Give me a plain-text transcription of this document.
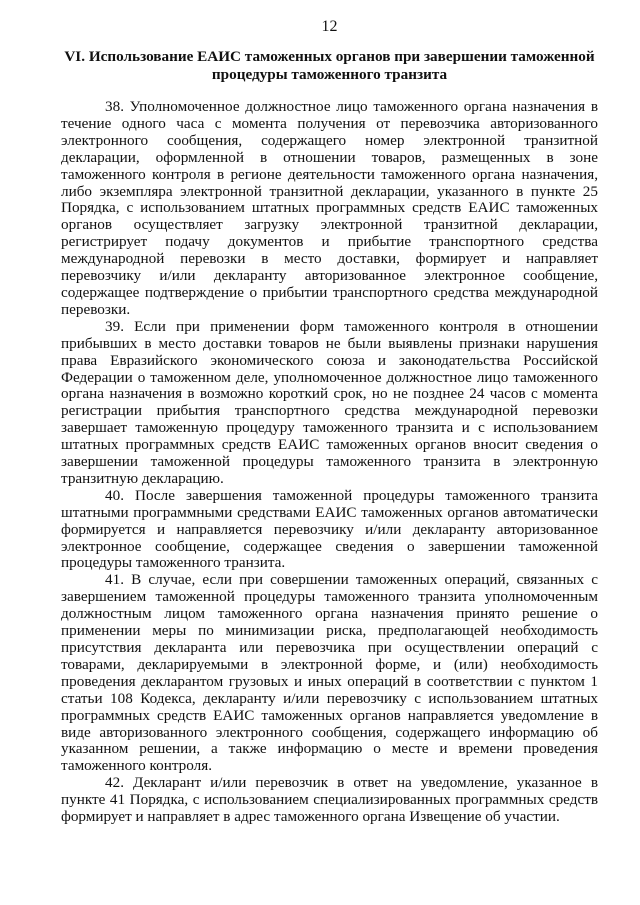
12
VI. Использование ЕАИС таможенных органов при завершении таможенной процедуры таможенного транзита

38. Уполномоченное должностное лицо таможенного органа назначения в течение одного часа с момента получения от перевозчика авторизованного электронного сообщения, содержащего номер электронной транзитной декларации, оформленной в отношении товаров, размещенных в зоне таможенного контроля в регионе деятельности таможенного органа назначения, либо экземпляра электронной транзитной декларации, указанного в пункте 25 Порядка, с использованием штатных программных средств ЕАИС таможенных органов осуществляет загрузку электронной транзитной декларации, регистрирует подачу документов и прибытие транспортного средства международной перевозки в место доставки, формирует и направляет перевозчику и/или декларанту авторизованное электронное сообщение, содержащее подтверждение о прибытии транспортного средства международной перевозки.

39. Если при применении форм таможенного контроля в отношении прибывших в место доставки товаров не были выявлены признаки нарушения права Евразийского экономического союза и законодательства Российской Федерации о таможенном деле, уполномоченное должностное лицо таможенного органа назначения в возможно короткий срок, но не позднее 24 часов с момента регистрации прибытия транспортного средства международной перевозки завершает таможенную процедуру таможенного транзита и с использованием штатных программных средств ЕАИС таможенных органов вносит сведения о завершении таможенной процедуры таможенного транзита в электронную транзитную декларацию.

40. После завершения таможенной процедуры таможенного транзита штатными программными средствами ЕАИС таможенных органов автоматически формируется и направляется перевозчику и/или декларанту авторизованное электронное сообщение, содержащее сведения о завершении таможенной процедуры таможенного транзита.

41. В случае, если при совершении таможенных операций, связанных с завершением таможенной процедуры таможенного транзита уполномоченным должностным лицом таможенного органа назначения принято решение о применении меры по минимизации риска, предполагающей необходимость присутствия декларанта или перевозчика при осуществлении операций с товарами, декларируемыми в электронной форме, и (или) необходимость проведения декларантом грузовых и иных операций в соответствии с пунктом 1 статьи 108 Кодекса, декларанту и/или перевозчику с использованием штатных программных средств ЕАИС таможенных органов направляется уведомление в виде авторизованного электронного сообщения, содержащего информацию об указанном решении, а также информацию о месте и времени проведения таможенного контроля.

42. Декларант и/или перевозчик в ответ на уведомление, указанное в пункте 41 Порядка, с использованием специализированных программных средств формирует и направляет в адрес таможенного органа Извещение об участии.
